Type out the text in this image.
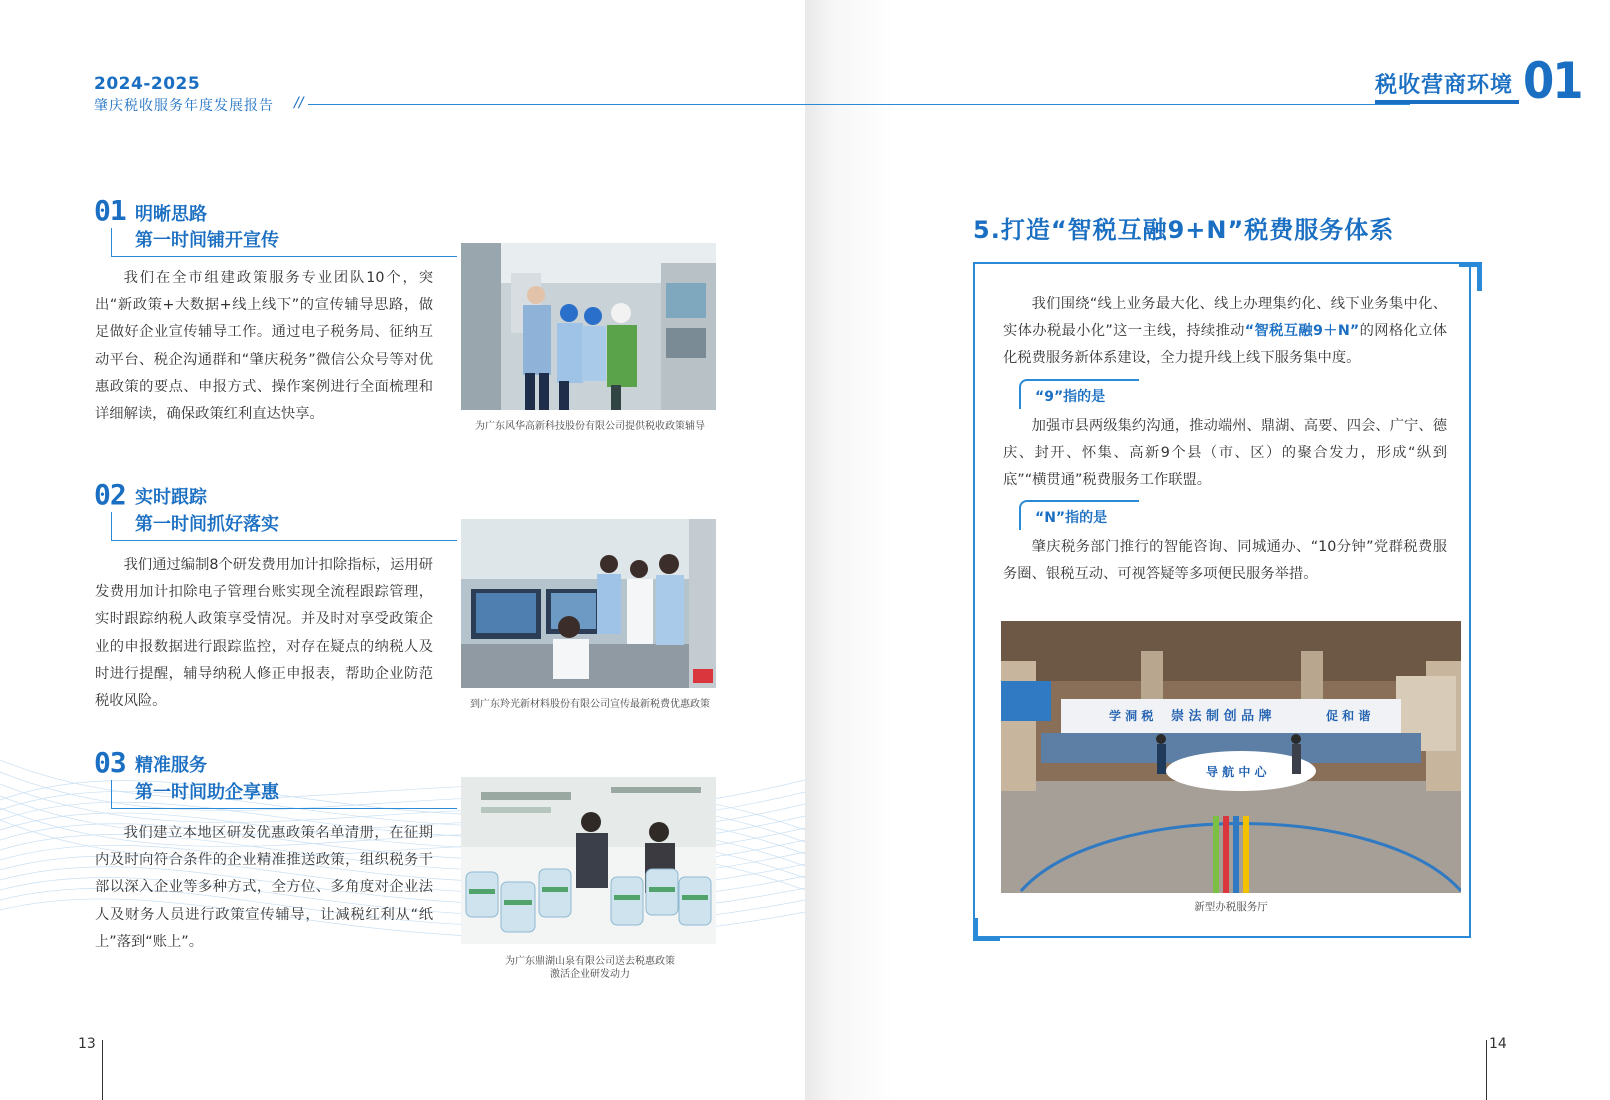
2024-2025
肇庆税收服务年度发展报告 //
01 明晰思路
第一时间铺开宣传

我们在全市组建政策服务专业团队10个，突出“新政策+大数据+线上线下”的宣传辅导思路，做足做好企业宣传辅导工作。通过电子税务局、征纳互动平台、税企沟通群和“肇庆税务”微信公众号等对优惠政策的要点、申报方式、操作案例进行全面梳理和详细解读，确保政策红利直达快享。

为广东风华高新科技股份有限公司提供税收政策辅导
02 实时跟踪
第一时间抓好落实

我们通过编制8个研发费用加计扣除指标，运用研发费用加计扣除电子管理台账实现全流程跟踪管理，实时跟踪纳税人政策享受情况。并及时对享受政策企业的申报数据进行跟踪监控，对存在疑点的纳税人及时进行提醒，辅导纳税人修正申报表，帮助企业防范税收风险。	到广东羚光新材料股份有限公司宣传最新税费优惠政策
03 精准服务
第一时间助企享惠

我们建立本地区研发优惠政策名单清册，在征期内及时向符合条件的企业精准推送政策，组织税务干部以深入企业等多种方式，全方位、多角度对企业法人及财务人员进行政策宣传辅导，让减税红利从“纸上”落到“账上”。

为广东鼎湖山泉有限公司送去税惠政策
激活企业研发动力
13
税收营商环境 01
5.打造“智税互融9+N”税费服务体系

我们围绕“线上业务最大化、线上办理集约化、线下业务集中化、实体办税最小化”这一主线，持续推动“智税互融9＋N”的网格化立体化税费服务新体系建设，全力提升线上线下服务集中度。

“9”指的是

加强市县两级集约沟通，推动端州、鼎湖、高要、四会、广宁、德庆、封开、怀集、高新9个县（市、区）的聚合发力，形成“纵到底”“横贯通”税费服务工作联盟。

“N”指的是

肇庆税务部门推行的智能咨询、同城通办、“10分钟”党群税费服务圈、银税互动、可视答疑等多项便民服务举措。

学 洞 税 崇 法 制 创 品 牌	促 和 谐
导 航 中 心
新型办税服务厅
14
